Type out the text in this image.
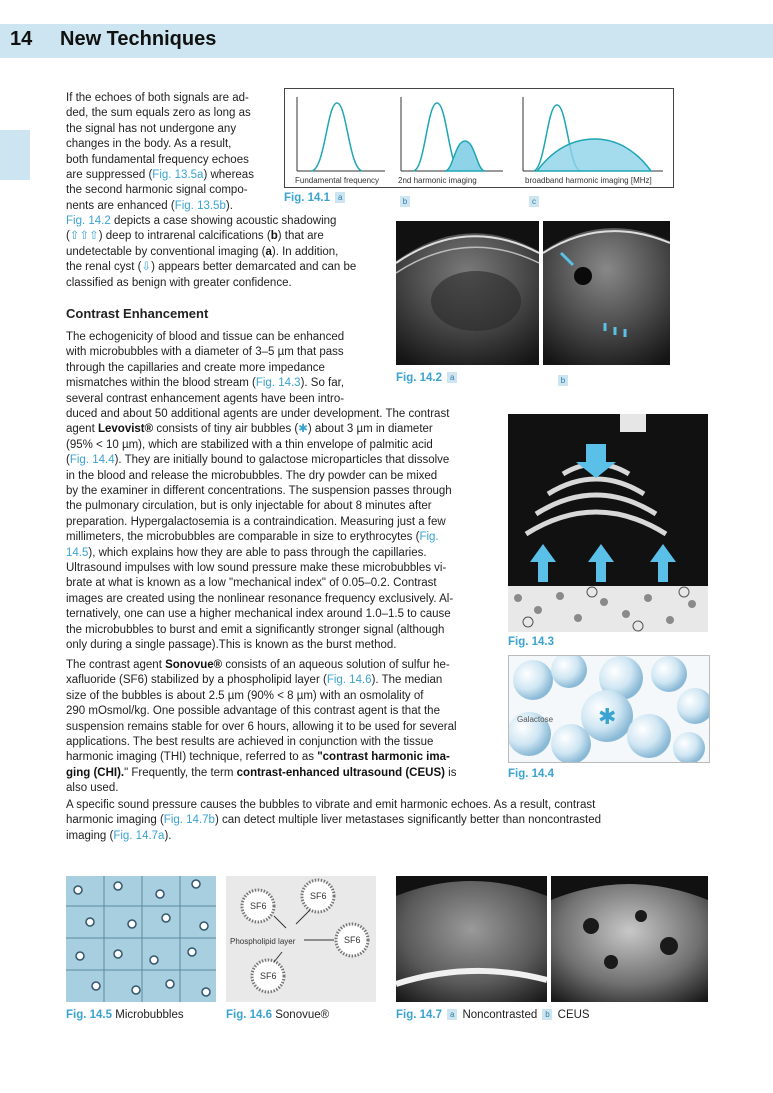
14 New Techniques

If the echoes of both signals are ad-
ded, the sum equals zero as long as
the signal has not undergone any
changes in the body. As a result,
both fundamental frequency echoes
are suppressed (Fig. 13.5a) whereas
the second harmonic signal compo-
nents are enhanced (Fig. 13.5b).

Fig. 14.2 depicts a case showing acoustic shadowing
(⇧⇧⇧) deep to intrarenal calcifications (b) that are
undetectable by conventional imaging (a). In addition,
the renal cyst (⇩) appears better demarcated and can be
classified as benign with greater confidence.

Contrast Enhancement

The echogenicity of blood and tissue can be enhanced
with microbubbles with a diameter of 3–5 µm that pass
through the capillaries and create more impedance
mismatches within the blood stream (Fig. 14.3). So far,
several contrast enhancement agents have been intro-

duced and about 50 additional agents are under development. The contrast
agent Levovist® consists of tiny air bubbles (✱) about 3 µm in diameter
(95% < 10 µm), which are stabilized with a thin envelope of palmitic acid
(Fig. 14.4). They are initially bound to galactose microparticles that dissolve
in the blood and release the microbubbles. The dry powder can be mixed
by the examiner in different concentrations. The suspension passes through
the pulmonary circulation, but is only injectable for about 8 minutes after
preparation. Hypergalactosemia is a contraindication. Measuring just a few
millimeters, the microbubbles are comparable in size to erythrocytes (Fig.
14.5), which explains how they are able to pass through the capillaries.
Ultrasound impulses with low sound pressure make these microbubbles vi-
brate at what is known as a low "mechanical index" of 0.05–0.2. Contrast
images are created using the nonlinear resonance frequency exclusively. Al-
ternatively, one can use a higher mechanical index around 1.0–1.5 to cause
the microbubbles to burst and emit a significantly stronger signal (although
only during a single passage).This is known as the burst method.

The contrast agent Sonovue® consists of an aqueous solution of sulfur he-
xafluoride (SF6) stabilized by a phospholipid layer (Fig. 14.6). The median
size of the bubbles is about 2.5 µm (90% < 8 µm) with an osmolality of
290 mOsmol/kg. One possible advantage of this contrast agent is that the
suspension remains stable for over 6 hours, allowing it to be used for several
applications. The best results are achieved in conjunction with the tissue
harmonic imaging (THI) technique, referred to as "contrast harmonic ima-
ging (CHI)." Frequently, the term contrast-enhanced ultrasound (CEUS) is
also used.

A specific sound pressure causes the bubbles to vibrate and emit harmonic echoes. As a result, contrast
harmonic imaging (Fig. 14.7b) can detect multiple liver metastases significantly better than noncontrasted
imaging (Fig. 14.7a).

Fundamental frequency 2nd harmonic imaging	broadband harmonic imaging [MHz]
Fig. 14.1 a	b	c
Fig. 14.2 a	b
Fig. 14.3
✱
Galactose
Fig. 14.4
Fig. 14.5 Microbubbles
Phospholipid layer
SF6
SF6
SF6
SF6
Fig. 14.6 Sonovue®	Fig. 14.7 a Noncontrasted b CEUS
